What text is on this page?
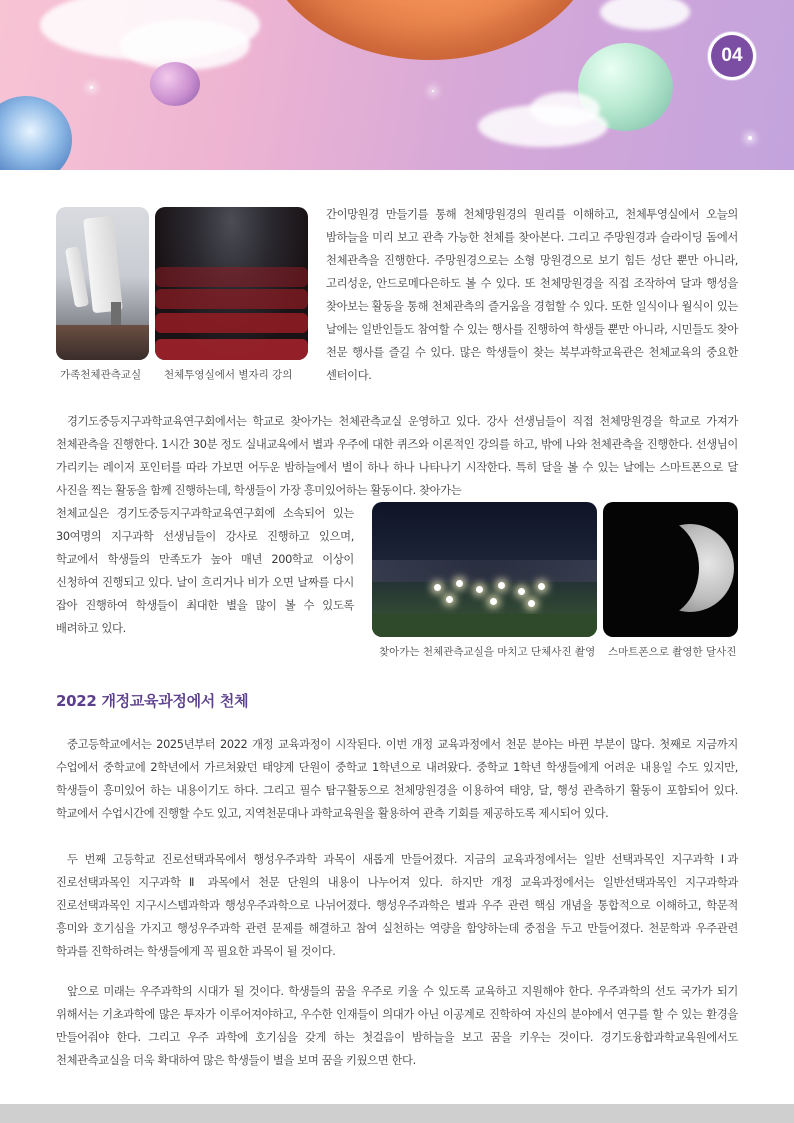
04
가족천체관측교실 천체투영실에서 별자리 강의
간이망원경 만들기를 통해 천체망원경의 원리를 이해하고, 천체투영실에서 오늘의 밤하늘을 미리 보고 관측 가능한 천체를 찾아본다. 그리고 주망원경과 슬라이딩 돔에서 천체관측을 진행한다. 주망원경으로는 소형 망원경으로 보기 힘든 성단 뿐만 아니라, 고리성운, 안드로메다은하도 볼 수 있다. 또 천체망원경을 직접 조작하여 달과 행성을 찾아보는 활동을 통해 천체관측의 즐거움을 경험할 수 있다. 또한 일식이나 월식이 있는 날에는 일반인들도 참여할 수 있는 행사를 진행하여 학생들 뿐만 아니라, 시민들도 찾아 천문 행사를 즐길 수 있다. 많은 학생들이 찾는 북부과학교육관은 천체교육의 중요한 센터이다.
경기도중등지구과학교육연구회에서는 학교로 찾아가는 천체관측교실 운영하고 있다. 강사 선생님들이 직접 천체망원경을 학교로 가져가 천체관측을 진행한다. 1시간 30분 정도 실내교육에서 별과 우주에 대한 퀴즈와 이론적인 강의를 하고, 밖에 나와 천체관측을 진행한다. 선생님이 가리키는 레이저 포인터를 따라 가보면 어두운 밤하늘에서 별이 하나 하나 나타나기 시작한다. 특히 달을 볼 수 있는 날에는 스마트폰으로 달 사진을 찍는 활동을 함께 진행하는데, 학생들이 가장 흥미있어하는 활동이다. 찾아가는
천체교실은 경기도중등지구과학교육연구회에 소속되어 있는 30여명의 지구과학 선생님들이 강사로 진행하고 있으며, 학교에서 학생들의 만족도가 높아 매년 200학교 이상이 신청하여 진행되고 있다. 날이 흐리거나 비가 오면 날짜를 다시 잡아 진행하여 학생들이 최대한 별을 많이 볼 수 있도록 배려하고 있다.
찾아가는 천체관측교실을 마치고 단체사진 촬영 스마트폰으로 촬영한 달사진
2022 개정교육과정에서 천체
중고등학교에서는 2025년부터 2022 개정 교육과정이 시작된다. 이번 개정 교육과정에서 천문 분야는 바뀐 부분이 많다. 첫째로 지금까지 수업에서 중학교에 2학년에서 가르쳐왔던 태양계 단원이 중학교 1학년으로 내려왔다. 중학교 1학년 학생들에게 어려운 내용일 수도 있지만, 학생들이 흥미있어 하는 내용이기도 하다. 그리고 필수 탐구활동으로 천체망원경을 이용하여 태양, 달, 행성 관측하기 활동이 포함되어 있다. 학교에서 수업시간에 진행할 수도 있고, 지역천문대나 과학교육원을 활용하여 관측 기회를 제공하도록 제시되어 있다.
두 번째 고등학교 진로선택과목에서 행성우주과학 과목이 새롭게 만들어졌다. 지금의 교육과정에서는 일반 선택과목인 지구과학 Ⅰ과 진로선택과목인 지구과학 Ⅱ 과목에서 천문 단원의 내용이 나누어져 있다. 하지만 개정 교육과정에서는 일반선택과목인 지구과학과 진로선택과목인 지구시스템과학과 행성우주과학으로 나뉘어졌다. 행성우주과학은 별과 우주 관련 핵심 개념을 통합적으로 이해하고, 학문적 흥미와 호기심을 가지고 행성우주과학 관련 문제를 해결하고 참여 실천하는 역량을 함양하는데 중점을 두고 만들어졌다. 천문학과 우주관련 학과를 진학하려는 학생들에게 꼭 필요한 과목이 될 것이다.
앞으로 미래는 우주과학의 시대가 될 것이다. 학생들의 꿈을 우주로 키울 수 있도록 교육하고 지원해야 한다. 우주과학의 선도 국가가 되기 위해서는 기초과학에 많은 투자가 이루어져야하고, 우수한 인재들이 의대가 아닌 이공계로 진학하여 자신의 분야에서 연구를 할 수 있는 환경을 만들어줘야 한다. 그리고 우주 과학에 호기심을 갖게 하는 첫걸음이 밤하늘을 보고 꿈을 키우는 것이다. 경기도융합과학교육원에서도 천체관측교실을 더욱 확대하여 많은 학생들이 별을 보며 꿈을 키웠으면 한다.
